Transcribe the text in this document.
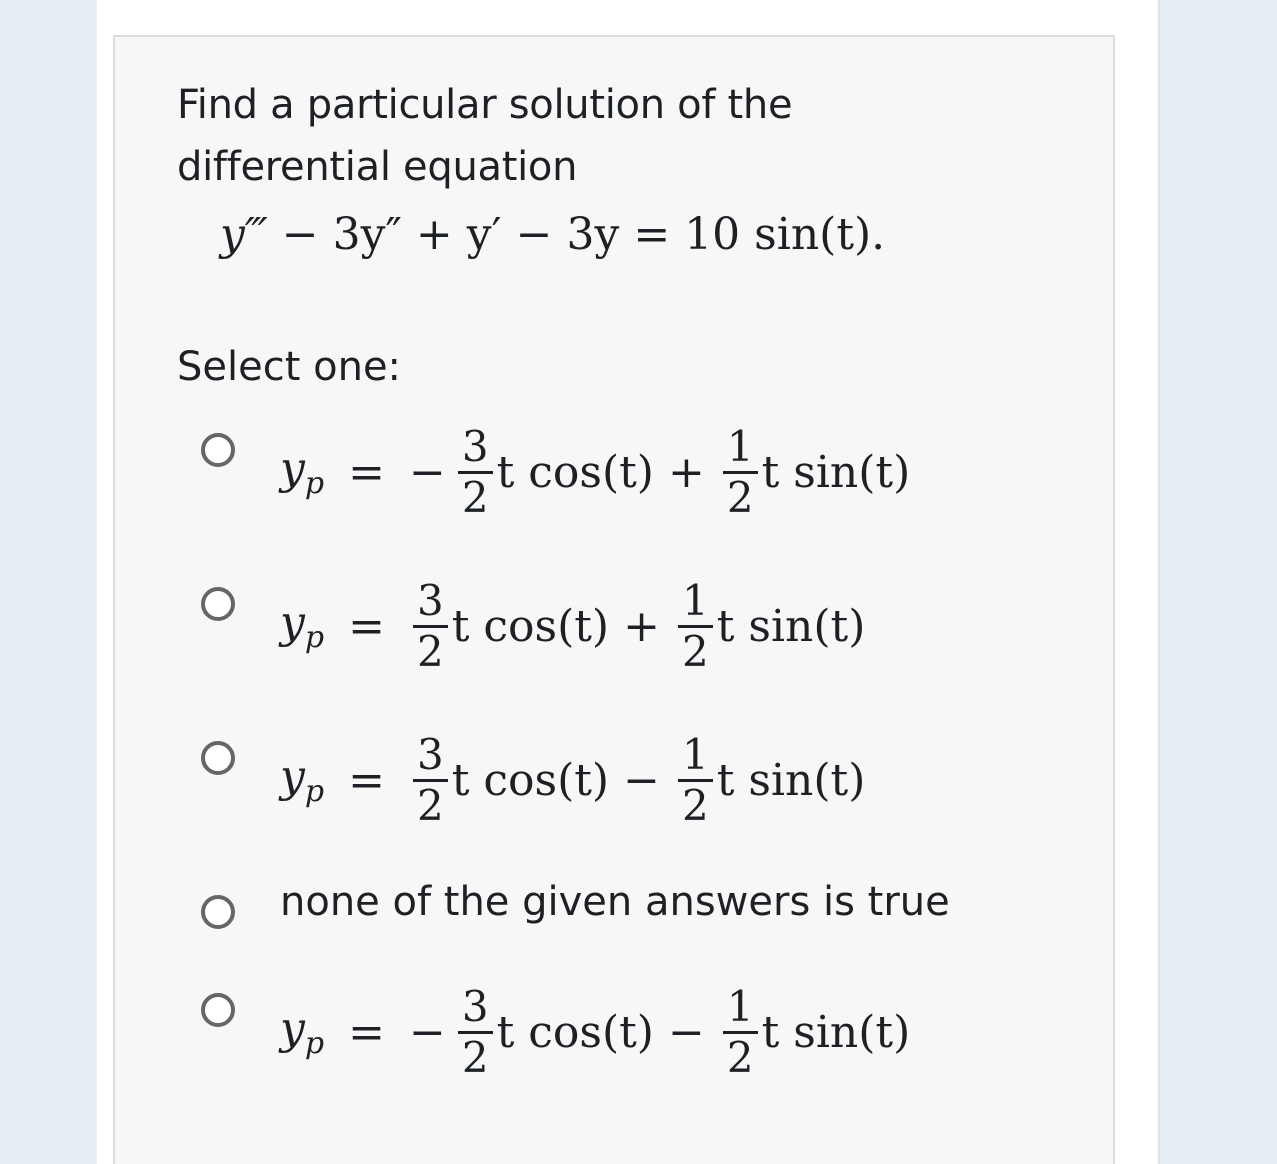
Find a particular solution of the differential equation
y‴ − 3y″ + y′ − 3y = 10 sin(t).
Select one:
$y_p$ = − $\frac{3}{2}$ t $\cos(t) + \frac{1}{2}$ t sin(t)
$y_p = \frac{3}{2}$ t $\cos(t) + \frac{1}{2}$ t sin(t)
$y_p = \frac{3}{2}$ t $\cos(t) - \frac{1}{2}$ t sin(t)
none of the given answers is true
$y_p$ = − $\frac{3}{2}$ t $\cos(t) - \frac{1}{2}$ t sin(t)
